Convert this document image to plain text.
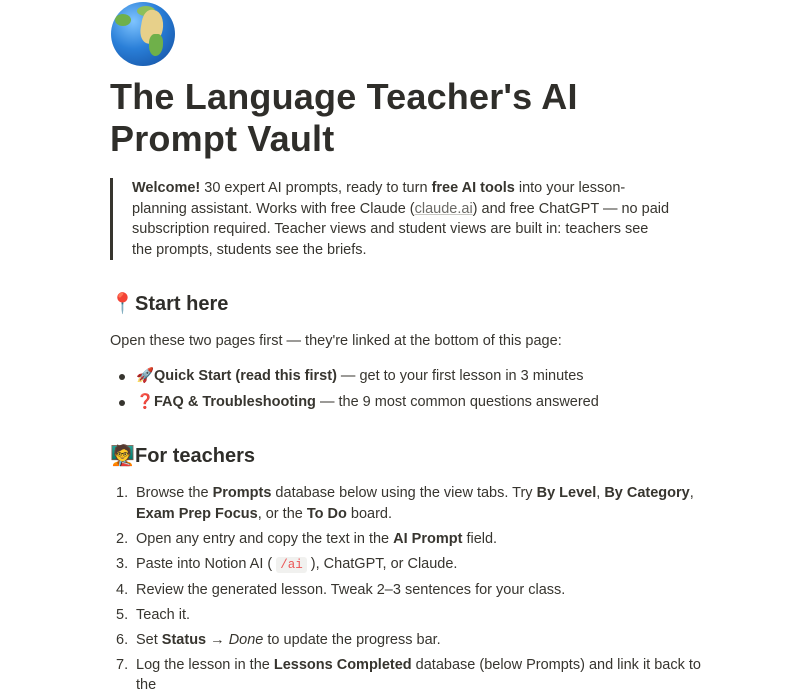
The Language Teacher's AI Prompt Vault
Welcome! 30 expert AI prompts, ready to turn free AI tools into your lesson-planning assistant. Works with free Claude (claude.ai) and free ChatGPT — no paid subscription required. Teacher views and student views are built in: teachers see the prompts, students see the briefs.
📍Start here

Open these two pages first — they're linked at the bottom of this page:

🚀Quick Start (read this first) — get to your first lesson in 3 minutes
❓FAQ & Troubleshooting — the 9 most common questions answered
🧑‍🏫For teachers
1. Browse the Prompts database below using the view tabs. Try By Level, By Category, Exam Prep Focus, or the To Do board.
2. Open any entry and copy the text in the AI Prompt field.
3. Paste into Notion AI ( /ai ), ChatGPT, or Claude.
4. Review the generated lesson. Tweak 2–3 sentences for your class.
5. Teach it.
6. Set Status → Done to update the progress bar.
7. Log the lesson in the Lessons Completed database (below Prompts) and link it back to the
